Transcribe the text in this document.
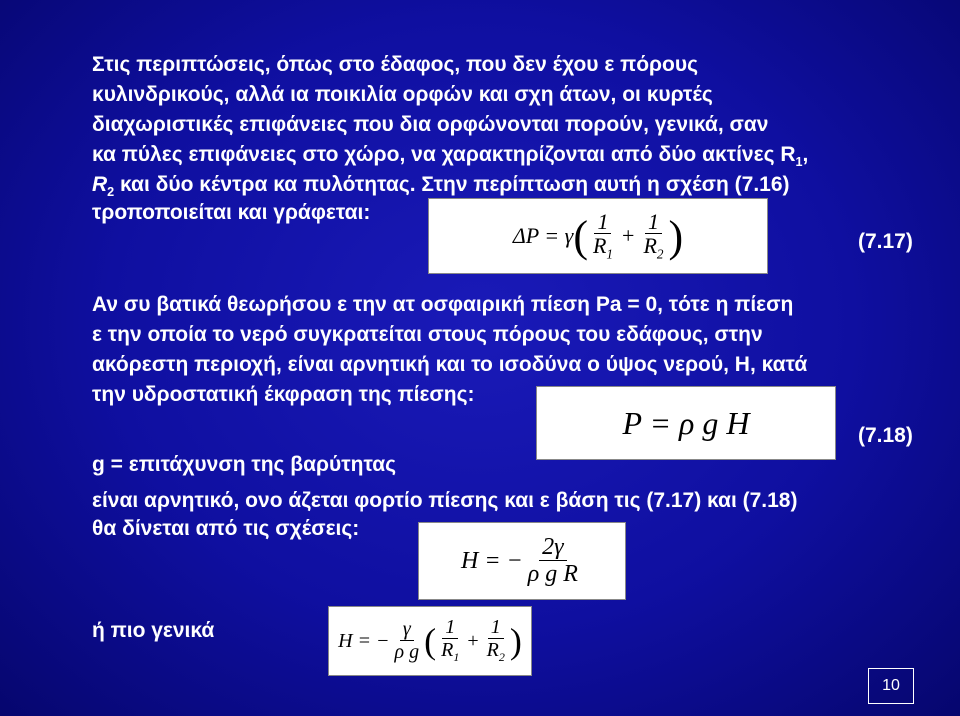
Στις περιπτώσεις, όπως στο έδαφος, που δεν έχου ε πόρους
κυλινδρικούς, αλλά ια ποικιλία ορφών και σχη άτων, οι κυρτές
διαχωριστικές επιφάνειες που δια ορφώνονται πορούν, γενικά, σαν
κα πύλες επιφάνειες στο χώρο, να χαρακτηρίζονται από δύο ακτίνες $R_1$,
$R_2$ και δύο κέντρα κα πυλότητας. Στην περίπτωση αυτή η σχέση (7.16)
τροποποιείται και γράφεται:
ΔP = γ ( $\frac{1}{R_1} + \frac{1}{R_2}$ )	(7.17)
Αν συ βατικά θεωρήσου ε την ατ οσφαιρική πίεση Pa = 0, τότε η πίεση
ε την οποία το νερό συγκρατείται στους πόρους του εδάφους, στην
ακόρεστη περιοχή, είναι αρνητική και το ισοδύνα ο ύψος νερού, H, κατά
την υδροστατική έκφραση της πίεσης:
P = ρ g H	(7.18)
g = επιτάχυνση της βαρύτητας
είναι αρνητικό, ονο άζεται φορτίο πίεσης και ε βάση τις (7.17) και (7.18)
θα δίνεται από τις σχέσεις:
H = − $\frac{2\gamma}{\text{ρ g R}}$
ή πιο γενικά	H = − $\frac{\gamma}{\text{ρ g}}$ ( $\frac{1}{R_1} + \frac{1}{R_2}$ )
10
